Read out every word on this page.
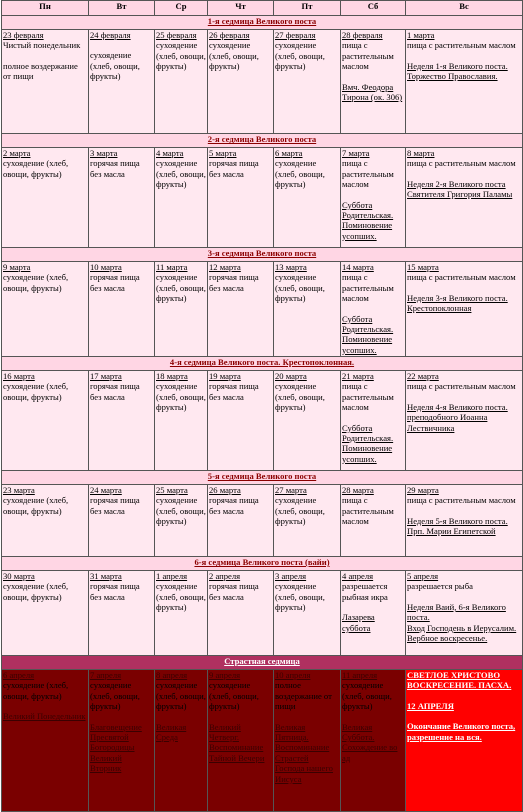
Пн	Вт	Ср	Чт	Пт	Сб	Вс
1-я седмица Великого поста						

23 февраля
Чистый понедельник
полное воздержание от пищи	24 февраля
сухоядение (хлеб, овощи, фрукты)	25 февраля
сухоядение (хлеб, овощи, фрукты)	26 февраля
сухоядение (хлеб, овощи, фрукты)	27 февраля
сухоядение (хлеб, овощи, фрукты)	28 февраля
пища с растительным маслом
Вмч. Феодора Тирона (ок. 306)	1 марта
пища с растительным маслом
Неделя 1-я Великого поста. Торжество Православия.

2-я седмица Великого поста						

2 марта
сухоядение (хлеб, овощи, фрукты)	3 марта
горячая пища без масла	4 марта
сухоядение (хлеб, овощи, фрукты)	5 марта
горячая пища без масла	6 марта
сухоядение (хлеб, овощи, фрукты)	7 марта
пища с растительным маслом
Суббота Родительская. Поминовение усопших.	8 марта
пища с растительным маслом
Неделя 2-я Великого поста
Святителя Григория Паламы

3-я седмица Великого поста						

9 марта
сухоядение (хлеб, овощи, фрукты)	10 марта
горячая пища без масла	11 марта
сухоядение (хлеб, овощи, фрукты)	12 марта
горячая пища без масла	13 марта
сухоядение (хлеб, овощи, фрукты)	14 марта
пища с растительным маслом
Суббота Родительская. Поминовение усопших.	15 марта
пища с растительным маслом
Неделя 3-я Великого поста. Крестопоклонная

4-я седмица Великого поста. Крестопоклонная.						

16 марта
сухоядение (хлеб, овощи, фрукты)	17 марта
горячая пища без масла	18 марта
сухоядение (хлеб, овощи, фрукты)	19 марта
горячая пища без масла	20 марта
сухоядение (хлеб, овощи, фрукты)	21 марта
пища с растительным маслом
Суббота Родительская. Поминовение усопших.	22 марта
пища с растительным маслом
Неделя 4-я Великого поста. преподобного Иоанна Лествичника

5-я седмица Великого поста						

23 марта
сухоядение (хлеб, овощи, фрукты)	24 марта
горячая пища без масла	25 марта
сухоядение (хлеб, овощи, фрукты)	26 марта
горячая пища без масла	27 марта
сухоядение (хлеб, овощи, фрукты)	28 марта
пища с растительным маслом	29 марта
пища с растительным маслом
Неделя 5-я Великого поста.
Прп. Марии Египетской

6-я седмица Великого поста (вайи)						

30 марта
сухоядение (хлеб, овощи, фрукты)	31 марта
горячая пища без масла	1 апреля
сухоядение (хлеб, овощи, фрукты)	2 апреля
горячая пища без масла	3 апреля
сухоядение (хлеб, овощи, фрукты)	4 апреля
разрешается рыбная икра
Лазарева суббота	5 апреля
разрешается рыба
Неделя Ваий, 6-я Великого поста.
Вход Господень в Иерусалим. Вербное воскресенье.

Страстная седмица						

6 апреля
сухоядение (хлеб, овощи, фрукты)
Великий Понедельник	7 апреля
сухоядение (хлеб, овощи, фрукты)
Благовещение Пресвятой Богородицы
Великий Вторник	8 апреля
сухоядение (хлеб, овощи, фрукты)
Великая Среда	9 апреля
сухоядение (хлеб, овощи, фрукты)
Великий Четверг. Воспоминание Тайной Вечери	10 апреля
полное воздержание от пищи
Великая Пятница. Воспоминание Страстей Господа нашего Иисуса	11 апреля
сухоядение (хлеб, овощи, фрукты)
Великая Суббота. Сохождение во ад	СВЕТЛОЕ ХРИСТОВО ВОСКРЕСЕНИЕ. ПАСХА.
12 АПРЕЛЯ
Окончание Великого поста, разрешение на вся.
